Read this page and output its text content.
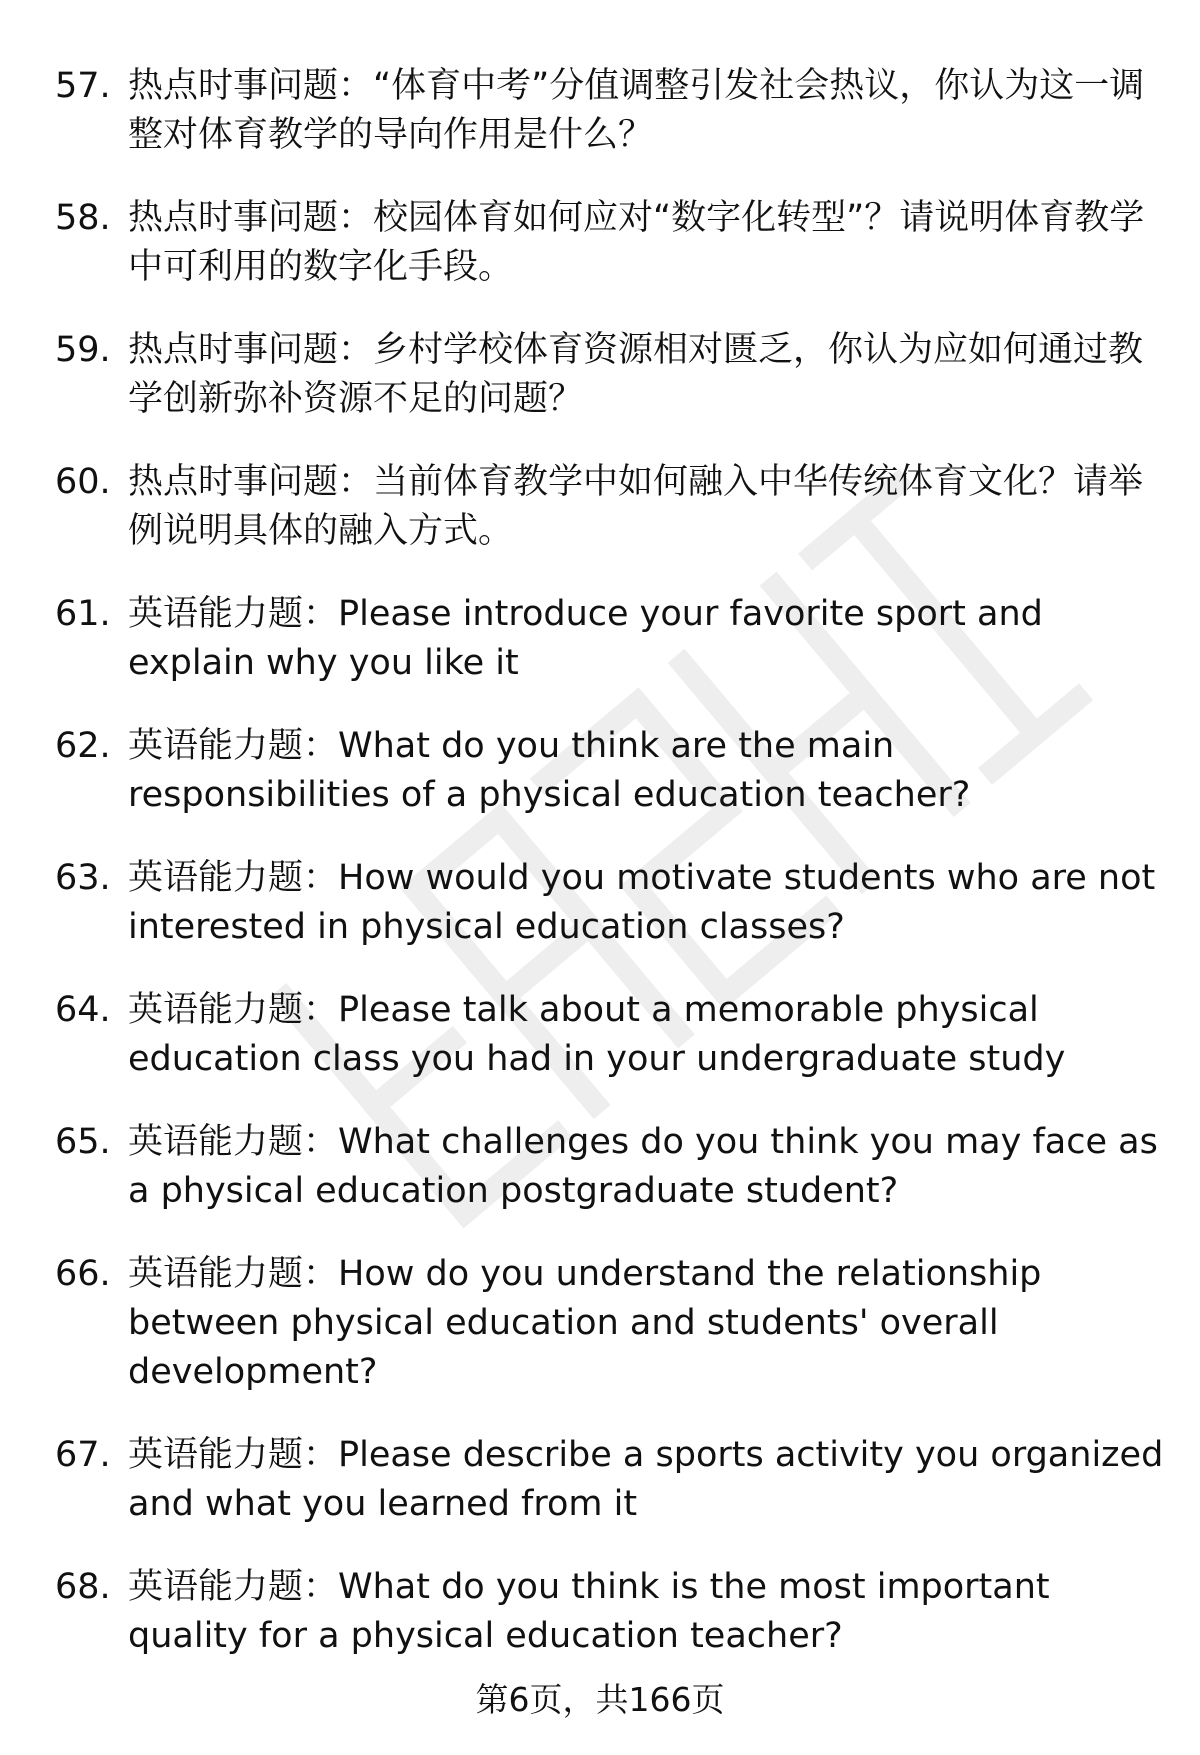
57. 热点时事问题：“体育中考”分值调整引发社会热议，你认为这一调整对体育教学的导向作用是什么？
58. 热点时事问题：校园体育如何应对“数字化转型”？请说明体育教学中可利用的数字化手段。
59. 热点时事问题：乡村学校体育资源相对匮乏，你认为应如何通过教学创新弥补资源不足的问题？
60. 热点时事问题：当前体育教学中如何融入中华传统体育文化？请举例说明具体的融入方式。
61. 英语能力题：Please introduce your favorite sport and explain why you like it
62. 英语能力题：What do you think are the main responsibilities of a physical education teacher?
63. 英语能力题：How would you motivate students who are not interested in physical education classes?
64. 英语能力题：Please talk about a memorable physical education class you had in your undergraduate study
65. 英语能力题：What challenges do you think you may face as a physical education postgraduate student?
66. 英语能力题：How do you understand the relationship between physical education and students' overall development?
67. 英语能力题：Please describe a sports activity you organized and what you learned from it
68. 英语能力题：What do you think is the most important quality for a physical education teacher?
第6页，共166页
